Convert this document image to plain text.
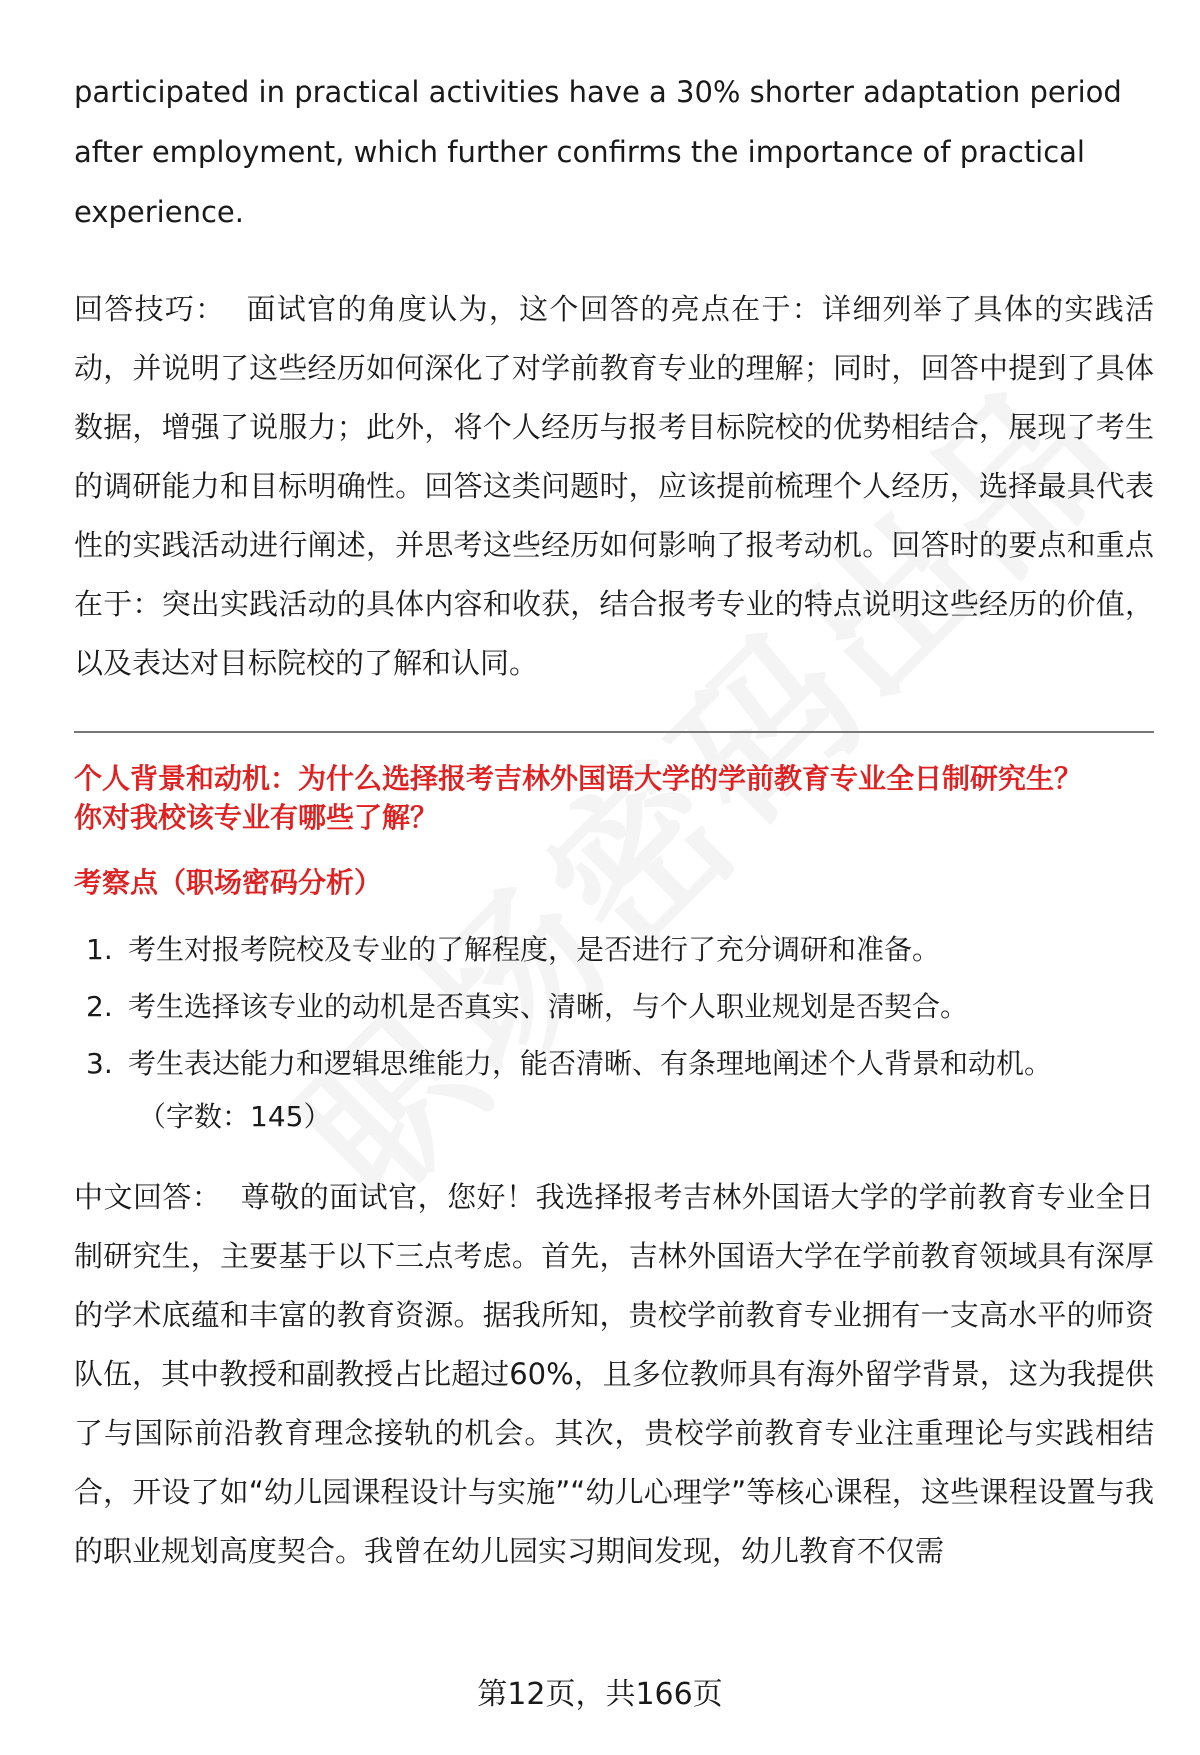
participated in practical activities have a 30% shorter adaptation period after employment, which further confirms the importance of practical experience.

回答技巧： 面试官的角度认为，这个回答的亮点在于：详细列举了具体的实践活动，并说明了这些经历如何深化了对学前教育专业的理解；同时，回答中提到了具体数据，增强了说服力；此外，将个人经历与报考目标院校的优势相结合，展现了考生的调研能力和目标明确性。回答这类问题时，应该提前梳理个人经历，选择最具代表性的实践活动进行阐述，并思考这些经历如何影响了报考动机。回答时的要点和重点在于：突出实践活动的具体内容和收获，结合报考专业的特点说明这些经历的价值，以及表达对目标院校的了解和认同。

个人背景和动机：为什么选择报考吉林外国语大学的学前教育专业全日制研究生？
你对我校该专业有哪些了解？
考察点（职场密码分析）
1. 考生对报考院校及专业的了解程度，是否进行了充分调研和准备。
2. 考生选择该专业的动机是否真实、清晰，与个人职业规划是否契合。
3. 考生表达能力和逻辑思维能力，能否清晰、有条理地阐述个人背景和动机。
（字数：145）

中文回答： 尊敬的面试官，您好！我选择报考吉林外国语大学的学前教育专业全日制研究生，主要基于以下三点考虑。首先，吉林外国语大学在学前教育领域具有深厚的学术底蕴和丰富的教育资源。据我所知，贵校学前教育专业拥有一支高水平的师资队伍，其中教授和副教授占比超过60%，且多位教师具有海外留学背景，这为我提供了与国际前沿教育理念接轨的机会。其次，贵校学前教育专业注重理论与实践相结合，开设了如“幼儿园课程设计与实施”“幼儿心理学”等核心课程，这些课程设置与我的职业规划高度契合。我曾在幼儿园实习期间发现，幼儿教育不仅需

第12页，共166页
